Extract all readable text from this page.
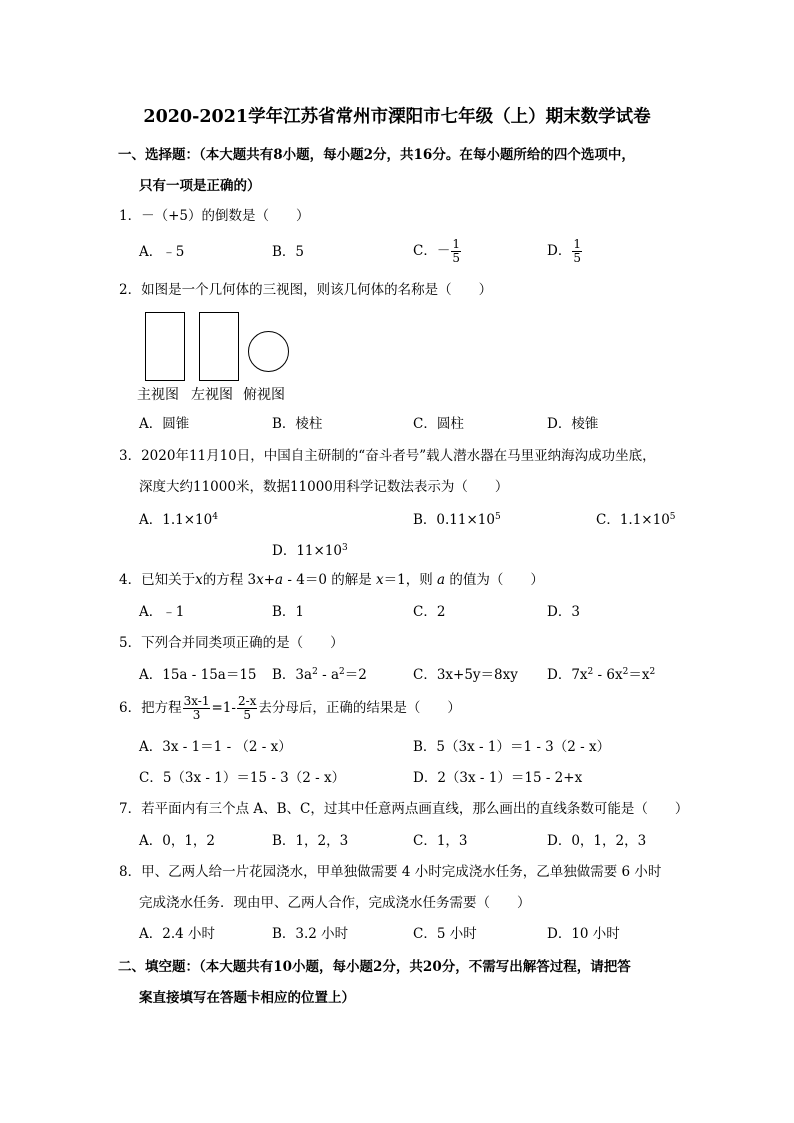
2020-2021学年江苏省常州市溧阳市七年级（上）期末数学试卷
一、选择题：（本大题共有8小题，每小题2分，共16分。在每小题所给的四个选项中，
只有一项是正确的）
1．－（+5）的倒数是（　　）
A．﹣5	B．5	C．－ $\frac{1}{5}$	D． $\frac{1}{5}$
2．如图是一个几何体的三视图，则该几何体的名称是（　　）
主视图 左视图 俯视图
A．圆锥	B．棱柱	C．圆柱	D．棱锥
3．2020年11月10日，中国自主研制的“奋斗者号”载人潜水器在马里亚纳海沟成功坐底，
深度大约11000米，数据11000用科学记数法表示为（　　）
A．$1.1\times 10^4$	B．$0.11\times 10^5$	C．$1.1\times 10^5$
D．$11\times 10^3$
4．已知关于x的方程 3x+a - 4＝0 的解是 x＝1，则 a 的值为（　　）
A．﹣1	B．1	C．2	D．3
5．下列合并同类项正确的是（　　）
A．15a - 15a＝15 B．$3a^2 - a^2=2$	C．3x+5y＝8xy D．$7x^2 - 6x^2=x^2$
6．把方程 $\frac{3x-1}{3} =1- \frac{2-x}{5}$ 去分母后，正确的结果是（　　）
A．3x - 1＝1 - （2 - x）	B．5（3x - 1）＝1 - 3（2 - x）
C．5（3x - 1）＝15 - 3（2 - x）	D．2（3x - 1）＝15 - 2+x
7．若平面内有三个点 A、B、C，过其中任意两点画直线，那么画出的直线条数可能是（　　）
A．0，1，2	B．1，2，3	C．1，3	D．0，1，2，3
8．甲、乙两人给一片花园浇水，甲单独做需要 4 小时完成浇水任务，乙单独做需要 6 小时
完成浇水任务．现由甲、乙两人合作，完成浇水任务需要（　　）
A．2.4 小时	B．3.2 小时	C．5 小时	D．10 小时
二、填空题：（本大题共有10小题，每小题2分，共20分，不需写出解答过程，请把答
案直接填写在答题卡相应的位置上）
